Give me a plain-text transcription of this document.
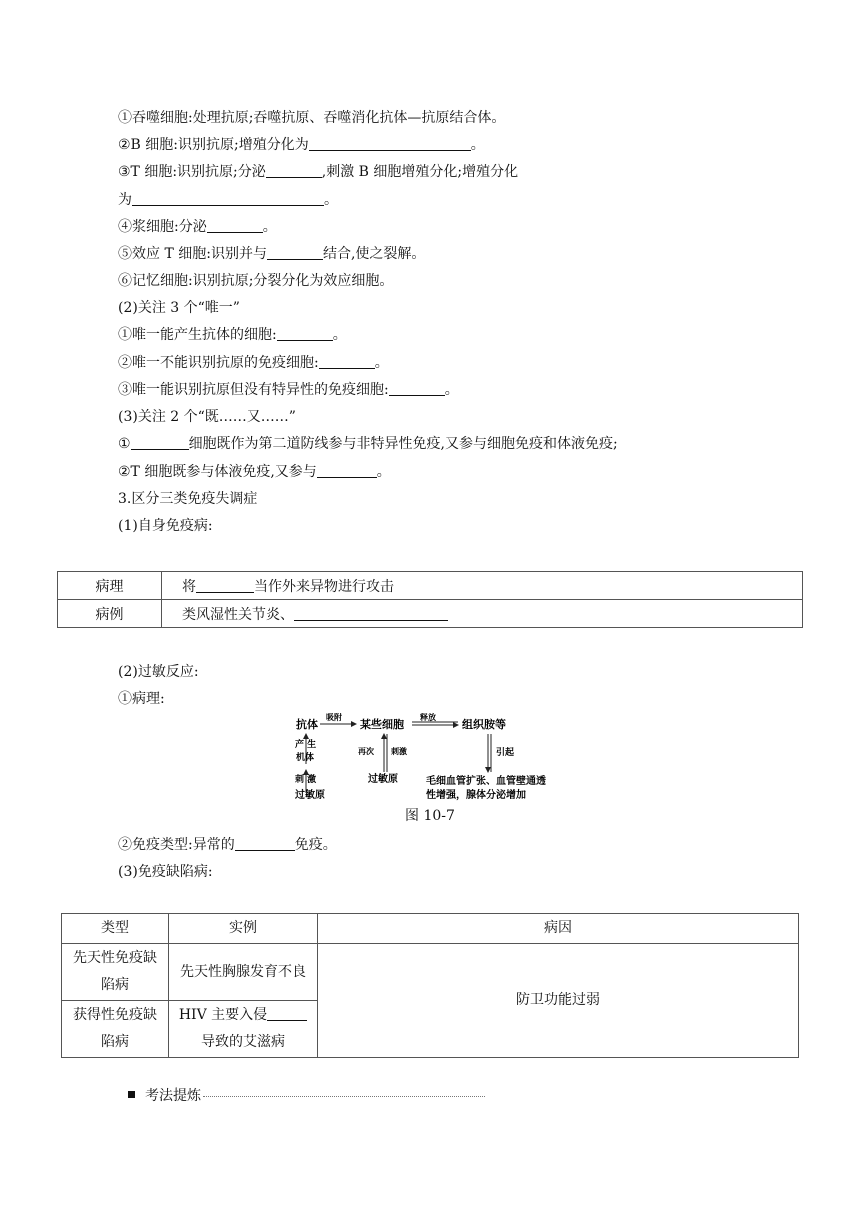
①吞噬细胞:处理抗原;吞噬抗原、吞噬消化抗体—抗原结合体。
②B 细胞:识别抗原;增殖分化为	。
③T 细胞:识别抗原;分泌	,刺激 B 细胞增殖分化;增殖分化
为	。
④浆细胞:分泌	。
⑤效应 T 细胞:识别并与	结合,使之裂解。
⑥记忆细胞:识别抗原;分裂分化为效应细胞。
(2)关注 3 个“唯一”
①唯一能产生抗体的细胞:	。
②唯一不能识别抗原的免疫细胞:	。
③唯一能识别抗原但没有特异性的免疫细胞:	。
(3)关注 2 个“既……又……”
①	细胞既作为第二道防线参与非特异性免疫,又参与细胞免疫和体液免疫;
②T 细胞既参与体液免疫,又参与	。
3.区分三类免疫失调症
(1)自身免疫病:
病理	将 当作外来异物进行攻击
病例	类风湿性关节炎、
(2)过敏反应:
①病理:
抗体
吸附
某些细胞
释放
组织胺等
产 生
机体
刺 激
过敏原
再次 刺激
过敏原
引起
毛细血管扩张、血管壁通透
性增强，腺体分泌增加
图 10-7
②免疫类型:异常的	免疫。
(3)免疫缺陷病:
类型	实例	病因
先天性免疫缺
陷病	先天性胸腺发育不良	防卫功能过弱
获得性免疫缺
陷病	HIV 主要入侵
导致的艾滋病	
考法提炼
